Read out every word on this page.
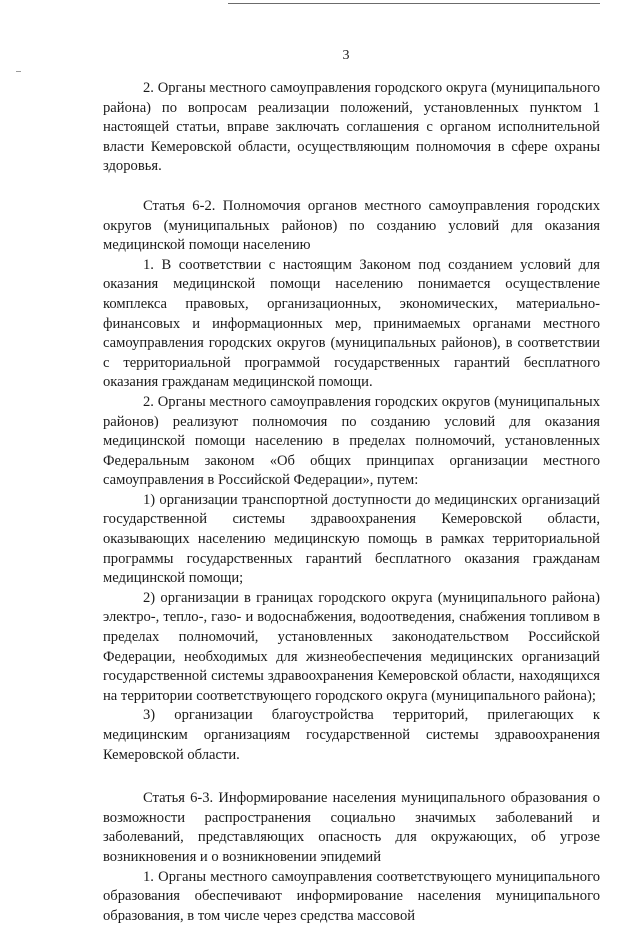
3

2. Органы местного самоуправления городского округа (муниципального района) по вопросам реализации положений, установленных пунктом 1 настоящей статьи, вправе заключать соглашения с органом исполнительной власти Кемеровской области, осуществляющим полномочия в сфере охраны здоровья.

Статья 6-2. Полномочия органов местного самоуправления городских округов (муниципальных районов) по созданию условий для оказания медицинской помощи населению

1. В соответствии с настоящим Законом под созданием условий для оказания медицинской помощи населению понимается осуществление комплекса правовых, организационных, экономических, материально-финансовых и информационных мер, принимаемых органами местного самоуправления городских округов (муниципальных районов), в соответствии с территориальной программой государственных гарантий бесплатного оказания гражданам медицинской помощи.

2. Органы местного самоуправления городских округов (муниципальных районов) реализуют полномочия по созданию условий для оказания медицинской помощи населению в пределах полномочий, установленных Федеральным законом «Об общих принципах организации местного самоуправления в Российской Федерации», путем:

1) организации транспортной доступности до медицинских организаций государственной системы здравоохранения Кемеровской области, оказывающих населению медицинскую помощь в рамках территориальной программы государственных гарантий бесплатного оказания гражданам медицинской помощи;

2) организации в границах городского округа (муниципального района) электро-, тепло-, газо- и водоснабжения, водоотведения, снабжения топливом в пределах полномочий, установленных законодательством Российской Федерации, необходимых для жизнеобеспечения медицинских организаций государственной системы здравоохранения Кемеровской области, находящихся на территории соответствующего городского округа (муниципального района);

3) организации благоустройства территорий, прилегающих к медицинским организациям государственной системы здравоохранения Кемеровской области.

Статья 6-3. Информирование населения муниципального образования о возможности распространения социально значимых заболеваний и заболеваний, представляющих опасность для окружающих, об угрозе возникновения и о возникновении эпидемий

1. Органы местного самоуправления соответствующего муниципального образования обеспечивают информирование населения муниципального образования, в том числе через средства массовой
